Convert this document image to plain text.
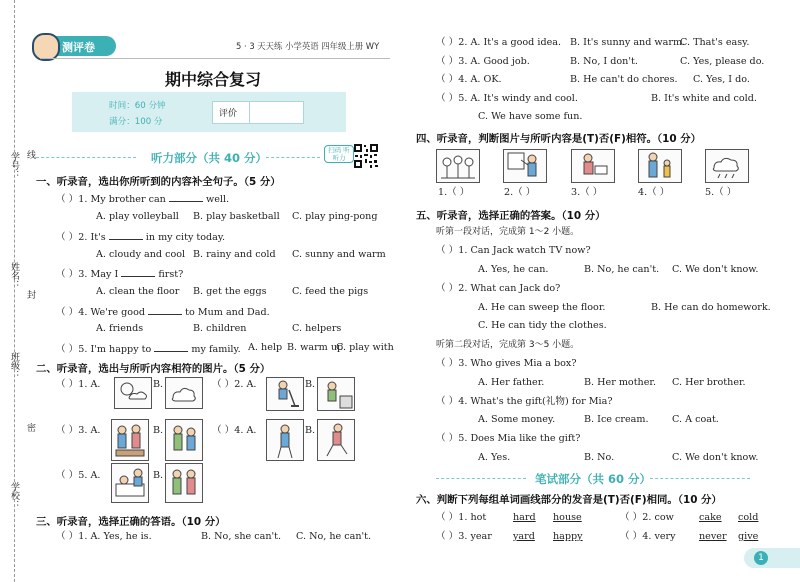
学号： 线
姓名：
封
班级：
密
学校：
测评卷	5 · 3 天天练 小学英语 四年级上册 WY
期中综合复习
时间：60 分钟
满分：100 分
评价
扫码 听听力
听力部分（共 40 分）
一、听录音，选出你所听到的内容补全句子。（5 分）
（ ）1. My brother can	well.
A. play volleyball B. play basketball C. play ping-pong
（ ）2. It's	in my city today.
A. cloudy and cool B. rainy and cold C. sunny and warm
（ ）3. May I	first?
A. clean the floor B. get the eggs	C. feed the pigs
（ ）4. We're good	to Mum and Dad.
A. friends	B. children	C. helpers
（ ）5. I'm happy to	my family. A. help B. warm up
C. play with
二、听录音，选出与所听内容相符的图片。（5 分）
（ ）1. A.	B.	（ ）2. A.	B.
（ ）3. A.	B.	（ ）4. A.	B.
（ ）5. A.	B.
三、听录音，选择正确的答语。（10 分）
（ ）1. A. Yes, he is.	B. No, she can't. C. No, he can't.
（ ）2. A. It's a good idea. B. It's sunny and warm.
C. That's easy.
（ ）3. A. Good job.	B. No, I don't.	C. Yes, please do.
（ ）4. A. OK.	B. He can't do chores. C. Yes, I do.
（ ）5. A. It's windy and cool.	B. It's white and cold.
C. We have some fun.
四、听录音，判断图片与所听内容是(T)否(F)相符。（10 分）
1.（ ）	2.（ ）	3.（ ）	4.（ ）	5.（ ）
五、听录音，选择正确的答案。（10 分）
听第一段对话，完成第 1～2 小题。
（ ）1. Can Jack watch TV now?
A. Yes, he can.	B. No, he can't. C. We don't know.
（ ）2. What can Jack do?
A. He can sweep the floor.	B. He can do homework.
C. He can tidy the clothes.
听第二段对话，完成第 3～5 小题。
（ ）3. Who gives Mia a box?
A. Her father.	B. Her mother. C. Her brother.
（ ）4. What's the gift(礼物) for Mia?
A. Some money.	B. Ice cream. C. A coat.
（ ）5. Does Mia like the gift?
A. Yes.	B. No.	C. We don't know.
笔试部分（共 60 分）
六、判断下列每组单词画线部分的发音是(T)否(F)相同。（10 分）
（ ）1. hot	hard house	（ ）2. cow	cake cold
（ ）3. year yard happy	（ ）4. very never give
1
